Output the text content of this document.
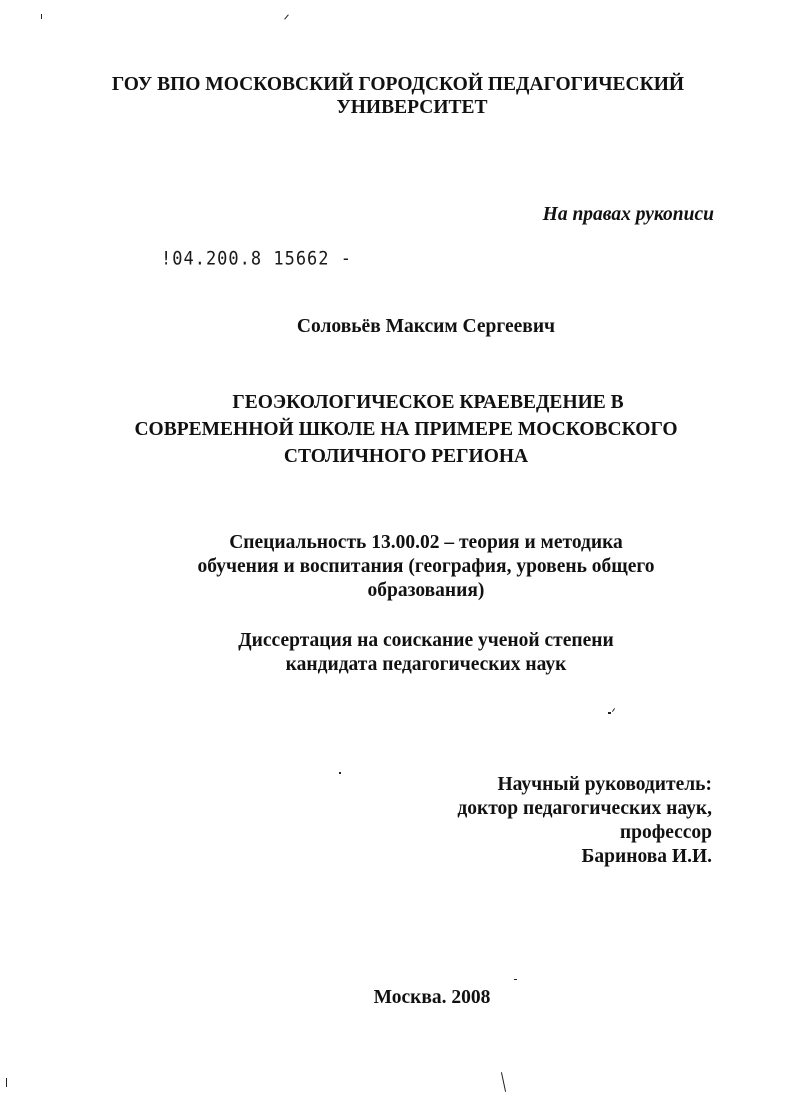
ГОУ ВПО МОСКОВСКИЙ ГОРОДСКОЙ ПЕДАГОГИЧЕСКИЙ
УНИВЕРСИТЕТ
На правах рукописи
!04.200.8 15662 -
Соловьёв Максим Сергеевич
ГЕОЭКОЛОГИЧЕСКОЕ КРАЕВЕДЕНИЕ В
СОВРЕМЕННОЙ ШКОЛЕ НА ПРИМЕРЕ МОСКОВСКОГО
СТОЛИЧНОГО РЕГИОНА
Специальность 13.00.02 – теория и методика
обучения и воспитания (география, уровень общего
образования)
Диссертация на соискание ученой степени
кандидата педагогических наук
Научный руководитель:
доктор педагогических наук,
профессор
Баринова И.И.
Москва. 2008
